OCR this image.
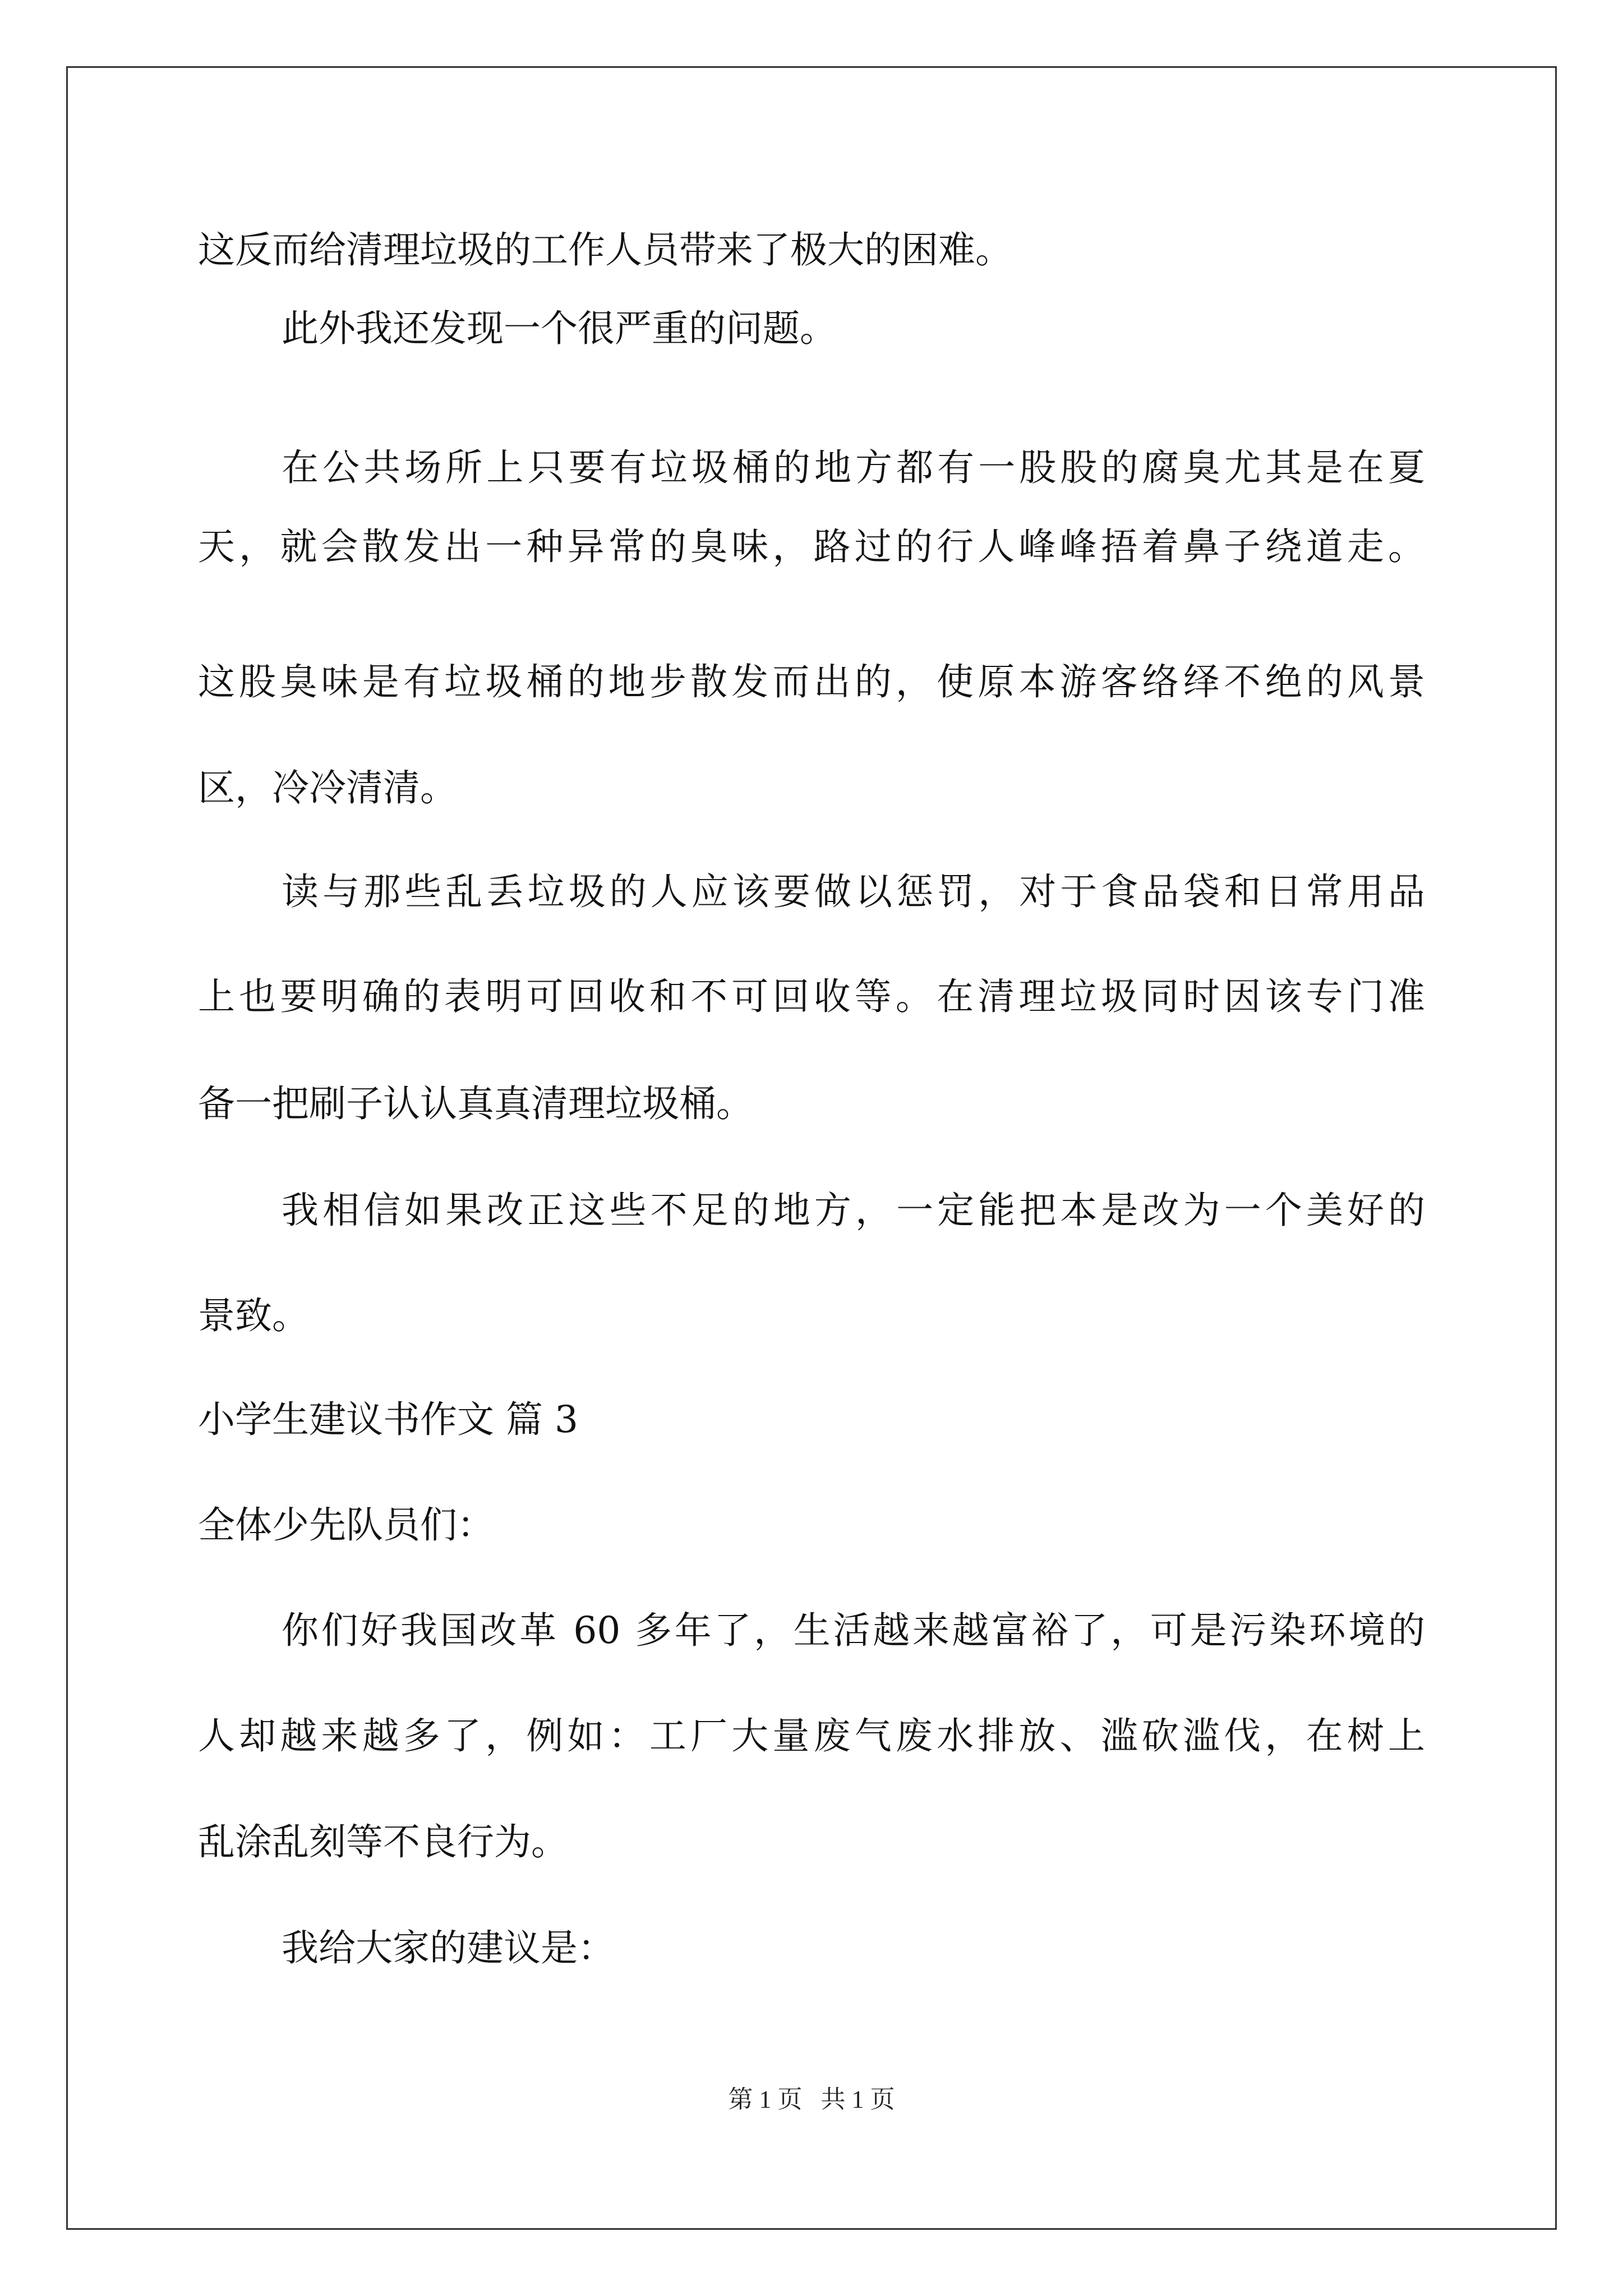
这反而给清理垃圾的工作人员带来了极大的困难。

此外我还发现一个很严重的问题。

在公共场所上只要有垃圾桶的地方都有一股股的腐臭尤其是在夏

天，就会散发出一种异常的臭味，路过的行人峰峰捂着鼻子绕道走。

这股臭味是有垃圾桶的地步散发而出的，使原本游客络绎不绝的风景

区，冷冷清清。

读与那些乱丢垃圾的人应该要做以惩罚，对于食品袋和日常用品

上也要明确的表明可回收和不可回收等。在清理垃圾同时因该专门准

备一把刷子认认真真清理垃圾桶。

我相信如果改正这些不足的地方，一定能把本是改为一个美好的

景致。

小学生建议书作文 篇 3

全体少先队员们：

你们好我国改革 60 多年了，生活越来越富裕了，可是污染环境的

人却越来越多了，例如：工厂大量废气废水排放、滥砍滥伐，在树上

乱涂乱刻等不良行为。

我给大家的建议是：

第 1 页 共 1 页
